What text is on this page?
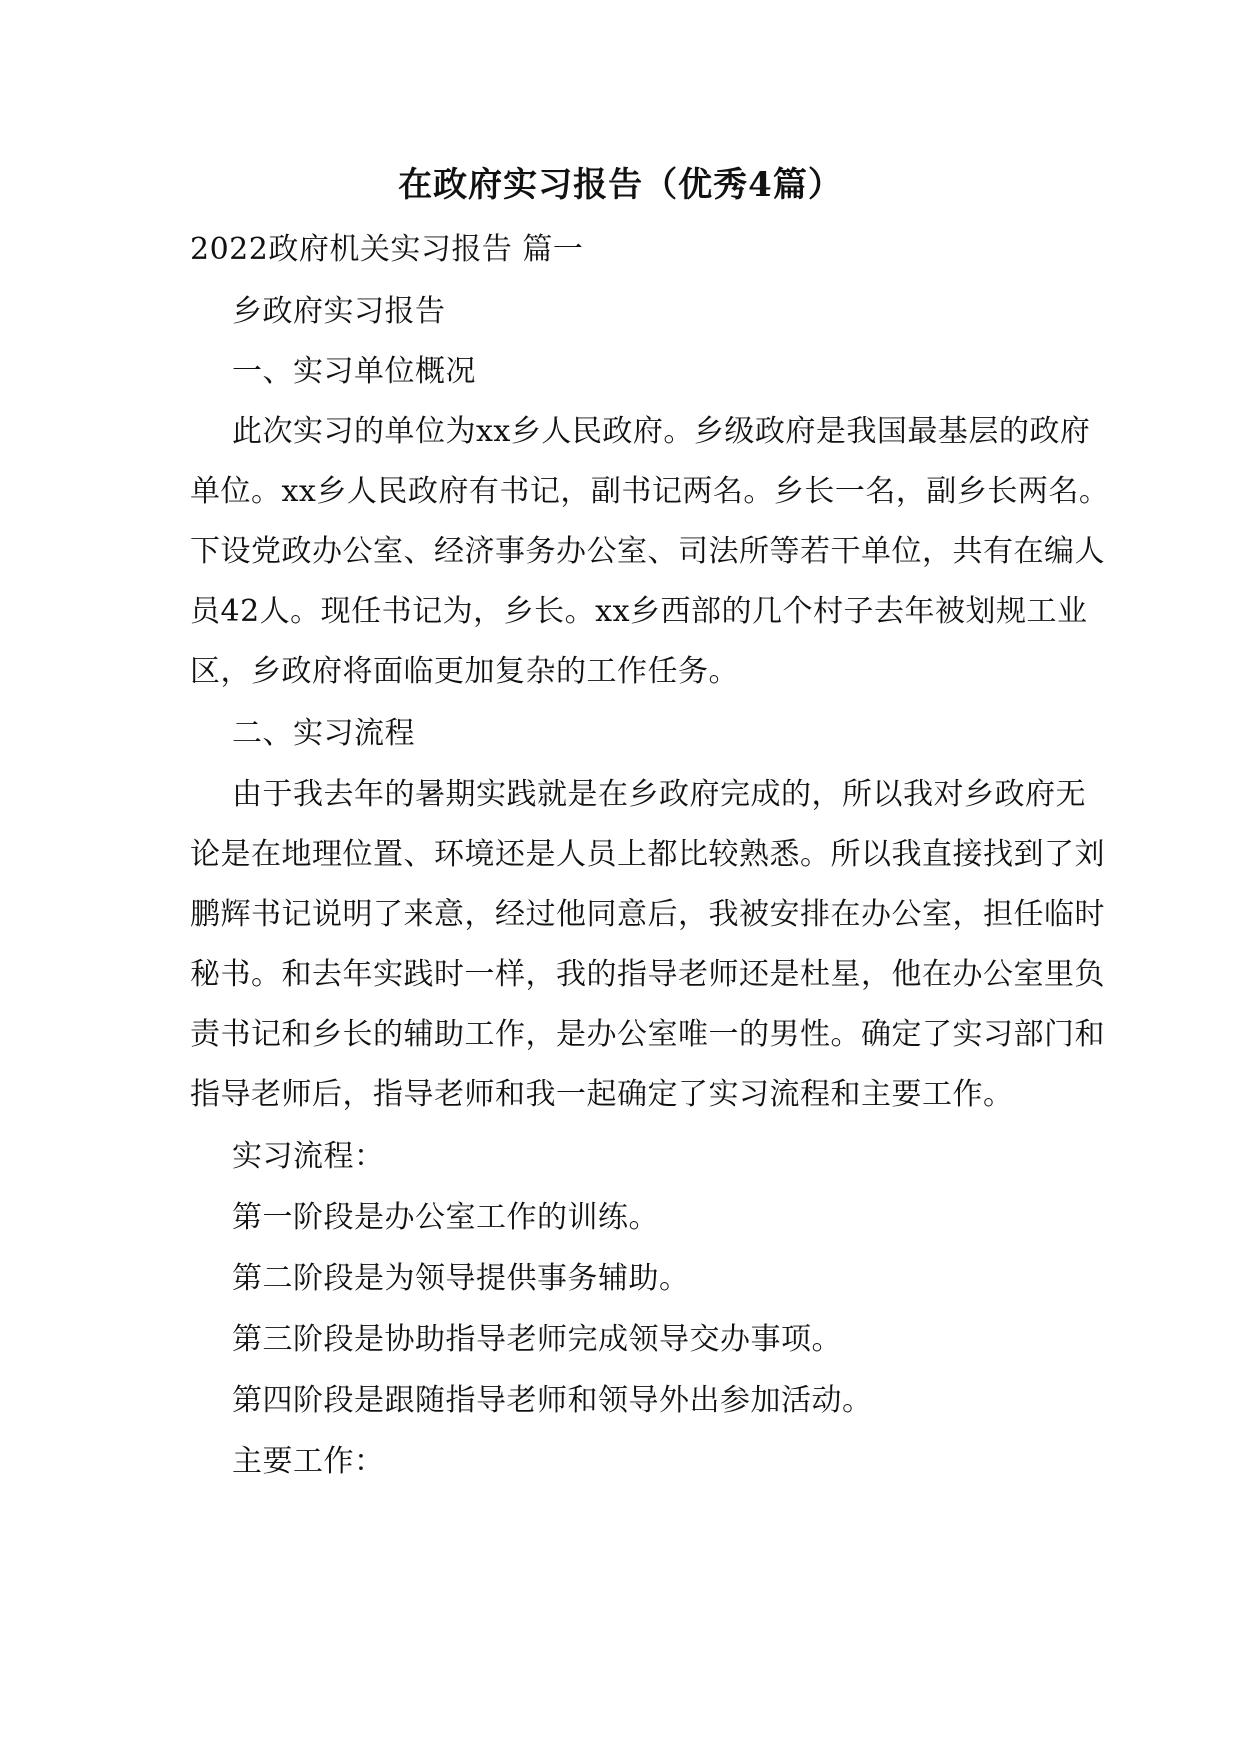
在政府实习报告（优秀4篇）
2022政府机关实习报告 篇一
乡政府实习报告
一、实习单位概况
此次实习的单位为xx乡人民政府。乡级政府是我国最基层的政府
单位。xx乡人民政府有书记，副书记两名。乡长一名，副乡长两名。
下设党政办公室、经济事务办公室、司法所等若干单位，共有在编人
员42人。现任书记为，乡长。xx乡西部的几个村子去年被划规工业
区，乡政府将面临更加复杂的工作任务。
二、实习流程
由于我去年的暑期实践就是在乡政府完成的，所以我对乡政府无
论是在地理位置、环境还是人员上都比较熟悉。所以我直接找到了刘
鹏辉书记说明了来意，经过他同意后，我被安排在办公室，担任临时
秘书。和去年实践时一样，我的指导老师还是杜星，他在办公室里负
责书记和乡长的辅助工作，是办公室唯一的男性。确定了实习部门和
指导老师后，指导老师和我一起确定了实习流程和主要工作。
实习流程：
第一阶段是办公室工作的训练。
第二阶段是为领导提供事务辅助。
第三阶段是协助指导老师完成领导交办事项。
第四阶段是跟随指导老师和领导外出参加活动。
主要工作：
